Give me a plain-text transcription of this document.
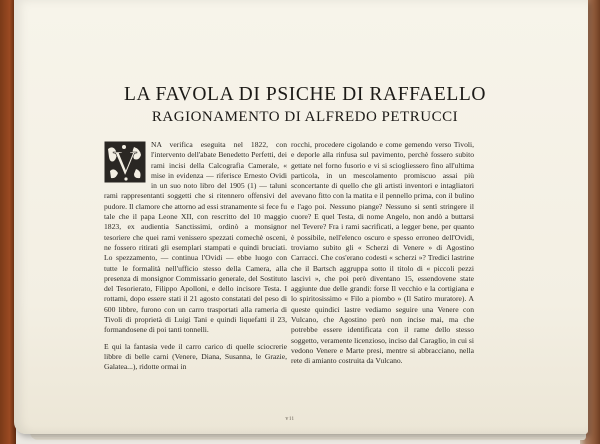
LA FAVOLA DI PSICHE DI RAFFAELLO
RAGIONAMENTO DI ALFREDO PETRUCCI

V
NA verifica eseguita nel 1822, con l'intervento dell'abate Benedetto Perfetti, dei rami incisi della Calcografia Camerale, « mise in evidenza — riferisce Ernesto Ovidi in un suo noto libro del 1905 (1) — taluni rami rappresentanti soggetti che si ritennero offensivi del pudore. Il clamore che attorno ad essi stranamente si fece fu tale che il papa Leone XII, con rescritto del 10 maggio 1823, ex audientia Sanctissimi, ordinò a monsignor tesoriere che quei rami venissero spezzati comechè osceni, ne fossero ritirati gli esemplari stampati e quindi bruciati. Lo spezzamento, — continua l'Ovidi — ebbe luogo con tutte le formalità nell'ufficio stesso della Camera, alla presenza di monsignor Commissario generale, del Sostituto del Tesorierato, Filippo Apolloni, e dello incisore Testa. I rottami, dopo essere stati il 21 agosto constatati del peso di 600 libbre, furono con un carro trasportati alla rameria di Tivoli di proprietà di Luigi Tani e quindi liquefatti il 23, formandosene di poi tanti tonnelli.

E qui la fantasia vede il carro carico di quelle sciocrerie libbre di belle carni (Venere, Diana, Susanna, le Grazie, Galatea...), ridotte ormai in

rocchi, procedere cigolando e come gemendo verso Tivoli, e deporle alla rinfusa sul pavimento, perchè fossero subito gettate nel forno fusorio e vi si sciogliessero fino all'ultima particola, in un mescolamento promiscuo assai più sconcertante di quello che gli artisti inventori e intagliatori avevano fitto con la matita e il pennello prima, con il bulino e l'ago poi. Nessuno piange? Nessuno si sentì stringere il cuore? E quel Testa, di nome Angelo, non andò a buttarsi nel Tevere? Fra i rami sacrificati, a legger bene, per quanto è possibile, nell'elenco oscuro e spesso erroneo dell'Ovidi, troviamo subito gli « Scherzi di Venere » di Agostino Carracci. Che cos'erano codesti « scherzi »? Tredici lastrine che il Bartsch aggruppa sotto il titolo di « piccoli pezzi lascivi », che poi però diventano 15, essendovene state aggiunte due delle grandi: forse Il vecchio e la cortigiana e lo spiritosissimo « Filo a piombo » (Il Satiro muratore). A queste quindici lastre vediamo seguire una Venere con Vulcano, che Agostino però non incise mai, ma che potrebbe essere identificata con il rame dello stesso soggetto, veramente licenzioso, inciso dal Caraglio, in cui si vedono Venere e Marte presi, mentre si abbracciano, nella rete di amianto costruita da Vulcano.

vii
